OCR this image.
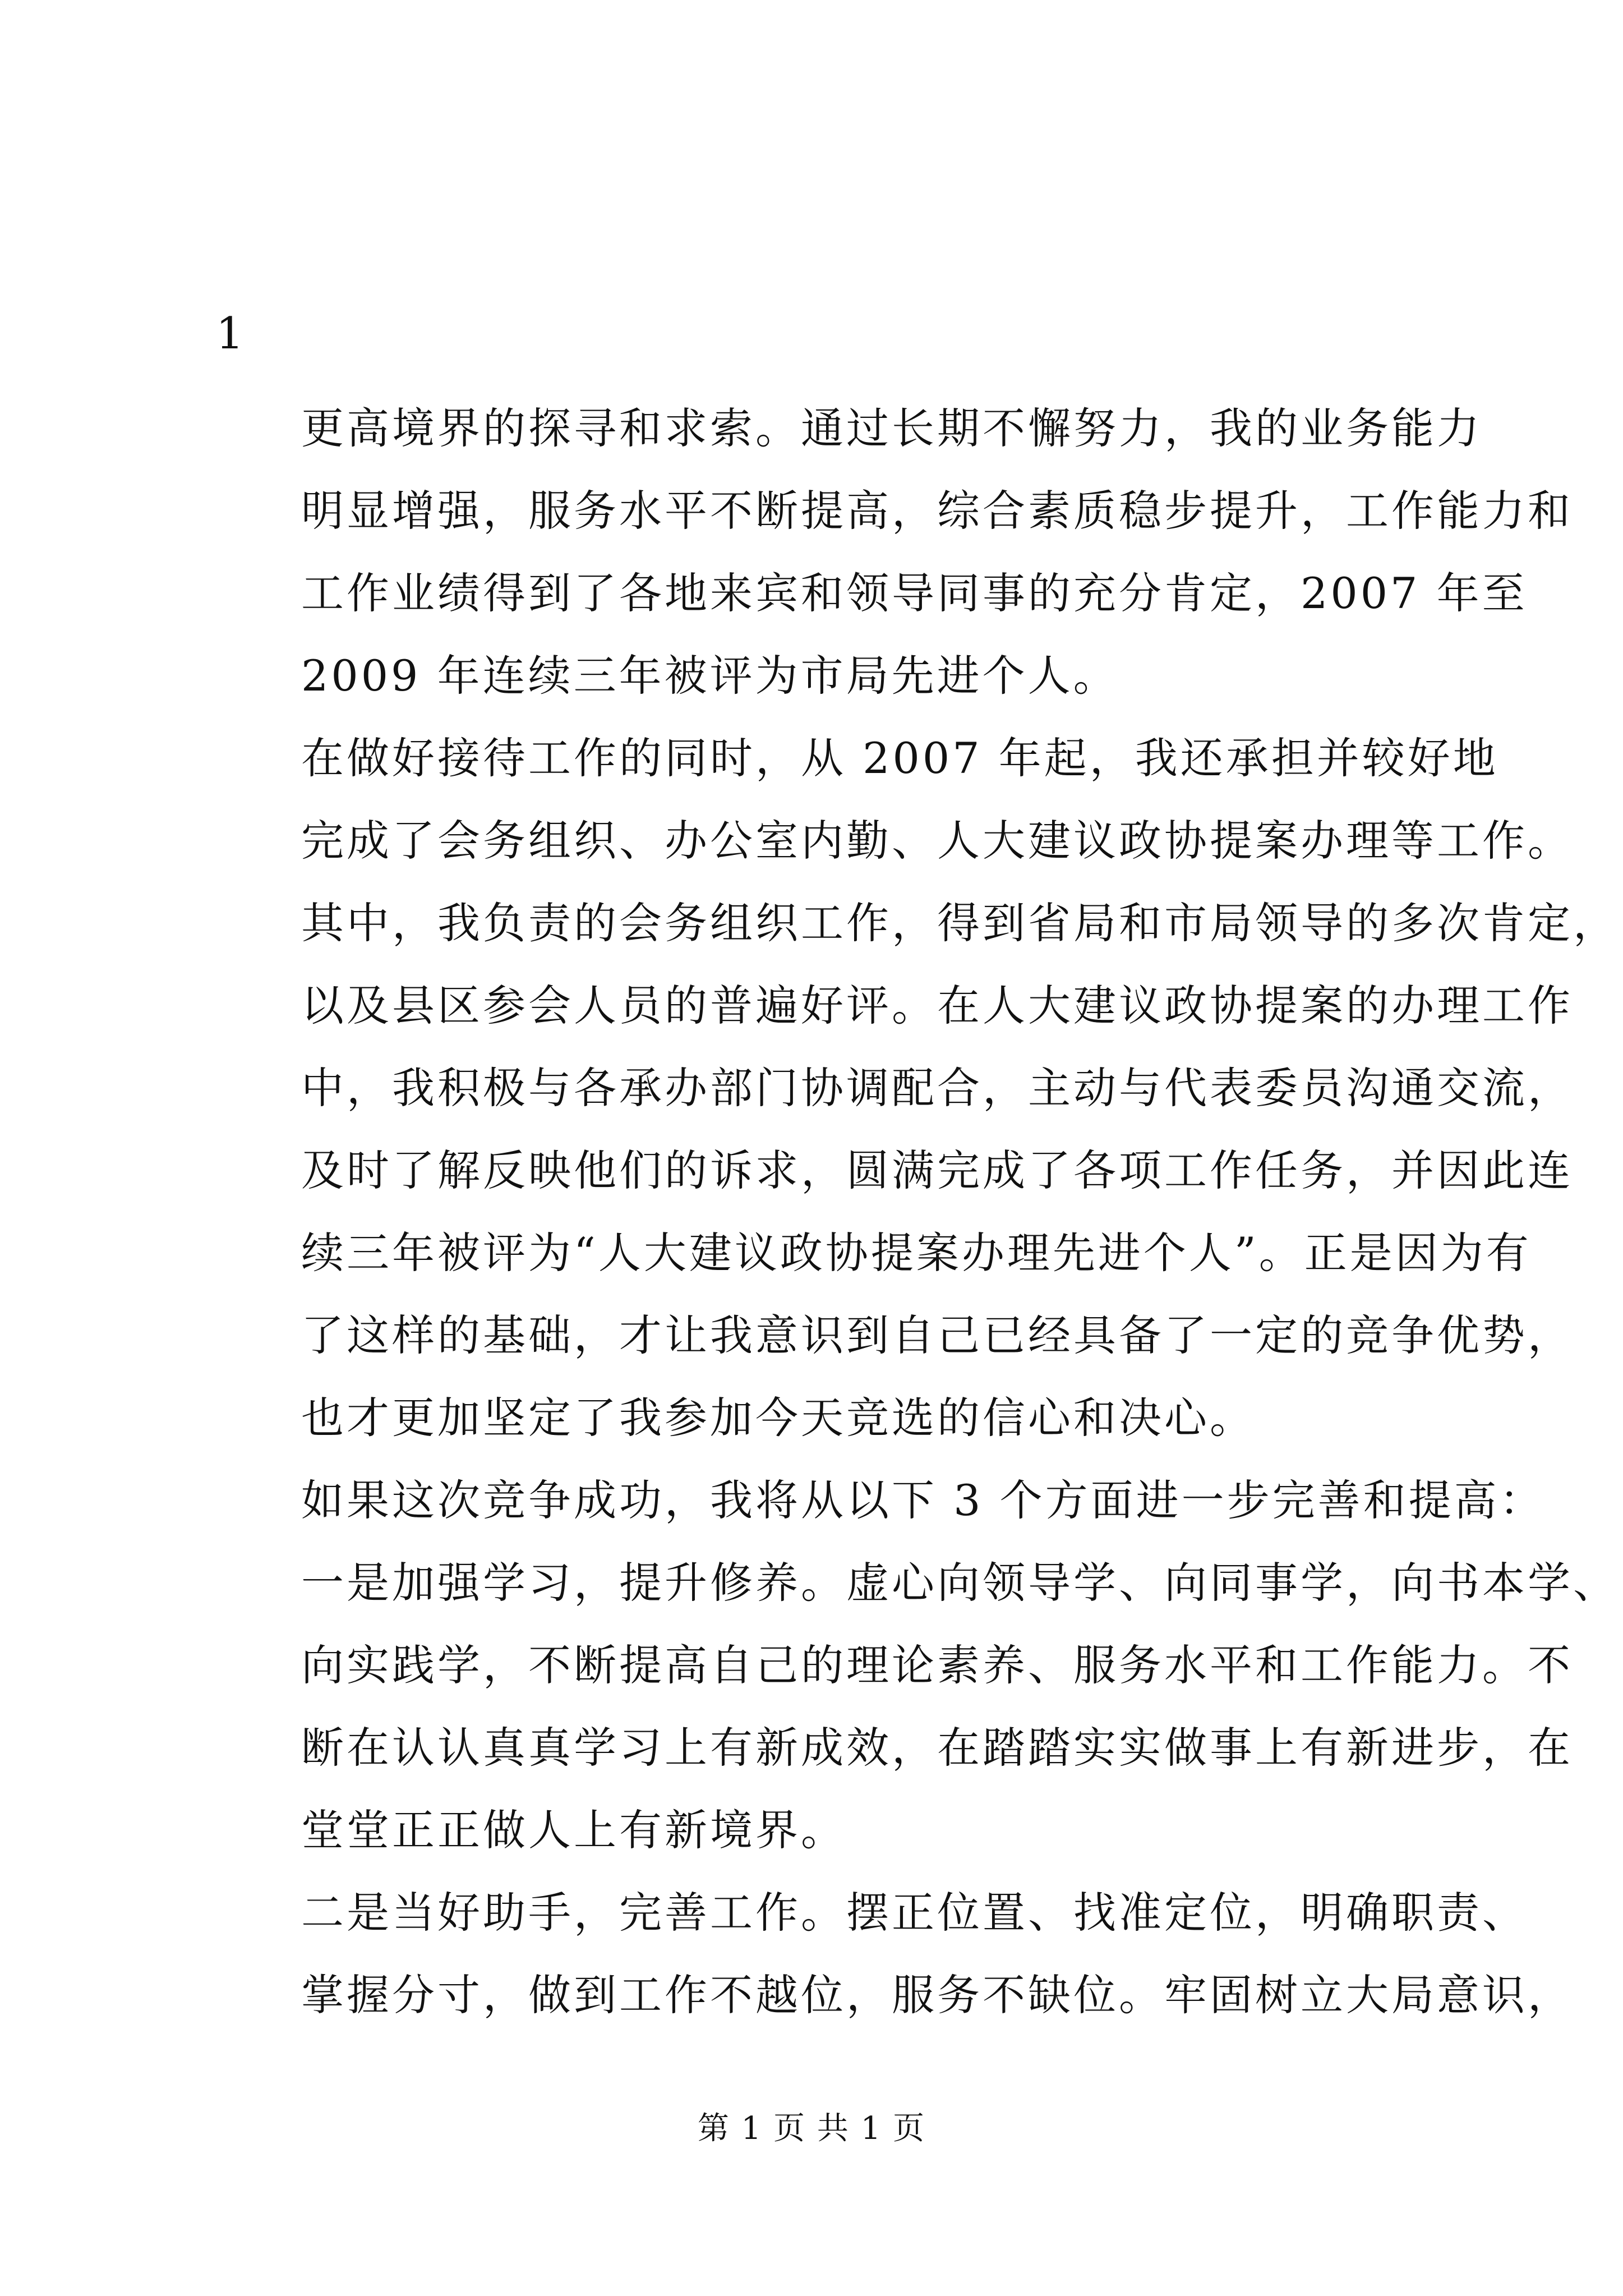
1

更高境界的探寻和求索。通过长期不懈努力，我的业务能力
明显增强，服务水平不断提高，综合素质稳步提升，工作能力和
工作业绩得到了各地来宾和领导同事的充分肯定，2007 年至
2009 年连续三年被评为市局先进个人。

在做好接待工作的同时，从 2007 年起，我还承担并较好地
完成了会务组织、办公室内勤、人大建议政协提案办理等工作。
其中，我负责的会务组织工作，得到省局和市局领导的多次肯定，
以及县区参会人员的普遍好评。在人大建议政协提案的办理工作
中，我积极与各承办部门协调配合，主动与代表委员沟通交流，
及时了解反映他们的诉求，圆满完成了各项工作任务，并因此连
续三年被评为“人大建议政协提案办理先进个人”。正是因为有
了这样的基础，才让我意识到自己已经具备了一定的竞争优势，
也才更加坚定了我参加今天竞选的信心和决心。

如果这次竞争成功，我将从以下 3 个方面进一步完善和提高：
一是加强学习，提升修养。虚心向领导学、向同事学，向书本学、
向实践学，不断提高自己的理论素养、服务水平和工作能力。不
断在认认真真学习上有新成效，在踏踏实实做事上有新进步，在
堂堂正正做人上有新境界。

二是当好助手，完善工作。摆正位置、找准定位，明确职责、
掌握分寸，做到工作不越位，服务不缺位。牢固树立大局意识，

第 1 页 共 1 页
